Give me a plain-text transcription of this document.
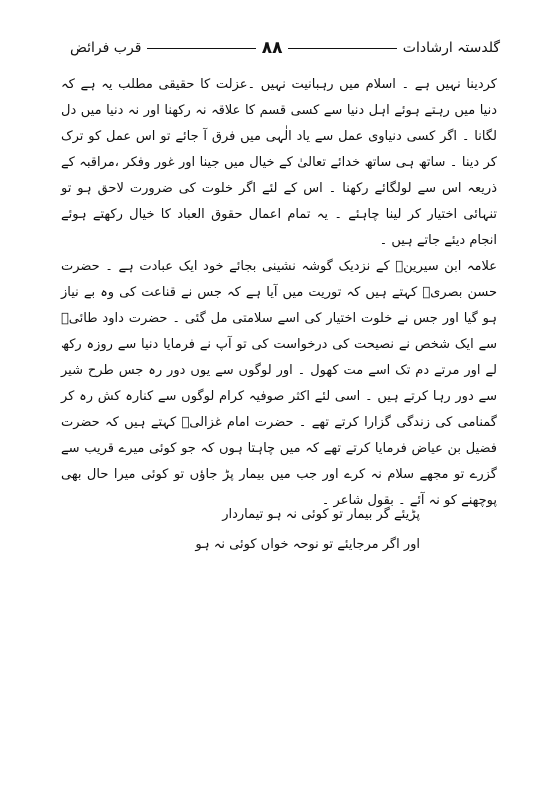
گلدستہ ارشادات
۸۸
قرب فرائض

کردینا نہیں ہے ۔ اسلام میں رہبانیت نہیں ۔عزلت کا حقیقی مطلب یہ ہے کہ دنیا میں رہتے ہوئے اہل دنیا سے کسی قسم کا علاقہ نہ رکھنا اور نہ دنیا میں دل لگانا ۔ اگر کسی دنیاوی عمل سے یاد الٰہی میں فرق آ جائے تو اس عمل کو ترک کر دینا ۔ ساتھ ہی ساتھ خدائے تعالیٰ کے خیال میں جینا اور غور وفکر ،مراقبہ کے ذریعہ اس سے لولگائے رکھنا ۔ اس کے لئے اگر خلوت کی ضرورت لاحق ہو تو تنہائی اختیار کر لینا چاہئے ۔ یہ تمام اعمال حقوق العباد کا خیال رکھتے ہوئے انجام دیئے جاتے ہیں ۔

علامہ ابن سیرینؒ کے نزدیک گوشہ نشینی بجائے خود ایک عبادت ہے ۔ حضرت حسن بصریؒ کہتے ہیں کہ توریت میں آیا ہے کہ جس نے قناعت کی وہ بے نیاز ہو گیا اور جس نے خلوت اختیار کی اسے سلامتی مل گئی ۔ حضرت داود طائیؒ سے ایک شخص نے نصیحت کی درخواست کی تو آپ نے فرمایا دنیا سے روزہ رکھ لے اور مرتے دم تک اسے مت کھول ۔ اور لوگوں سے یوں دور رہ جس طرح شیر سے دور رہا کرتے ہیں ۔ اسی لئے اکثر صوفیہ کرام لوگوں سے کنارہ کش رہ کر گمنامی کی زندگی گزارا کرتے تھے ۔ حضرت امام غزالیؒ کہتے ہیں کہ حضرت فضیل بن عیاض فرمایا کرتے تھے کہ میں چاہتا ہوں کہ جو کوئی میرے قریب سے گزرے تو مجھے سلام نہ کرے اور جب میں بیمار پڑ جاؤں تو کوئی میرا حال بھی پوچھنے کو نہ آئے ۔ بقول شاعر ۔

پڑیئے گر بیمار تو کوئی نہ ہو تیماردار
اور اگر مرجایئے تو نوحہ خواں کوئی نہ ہو
